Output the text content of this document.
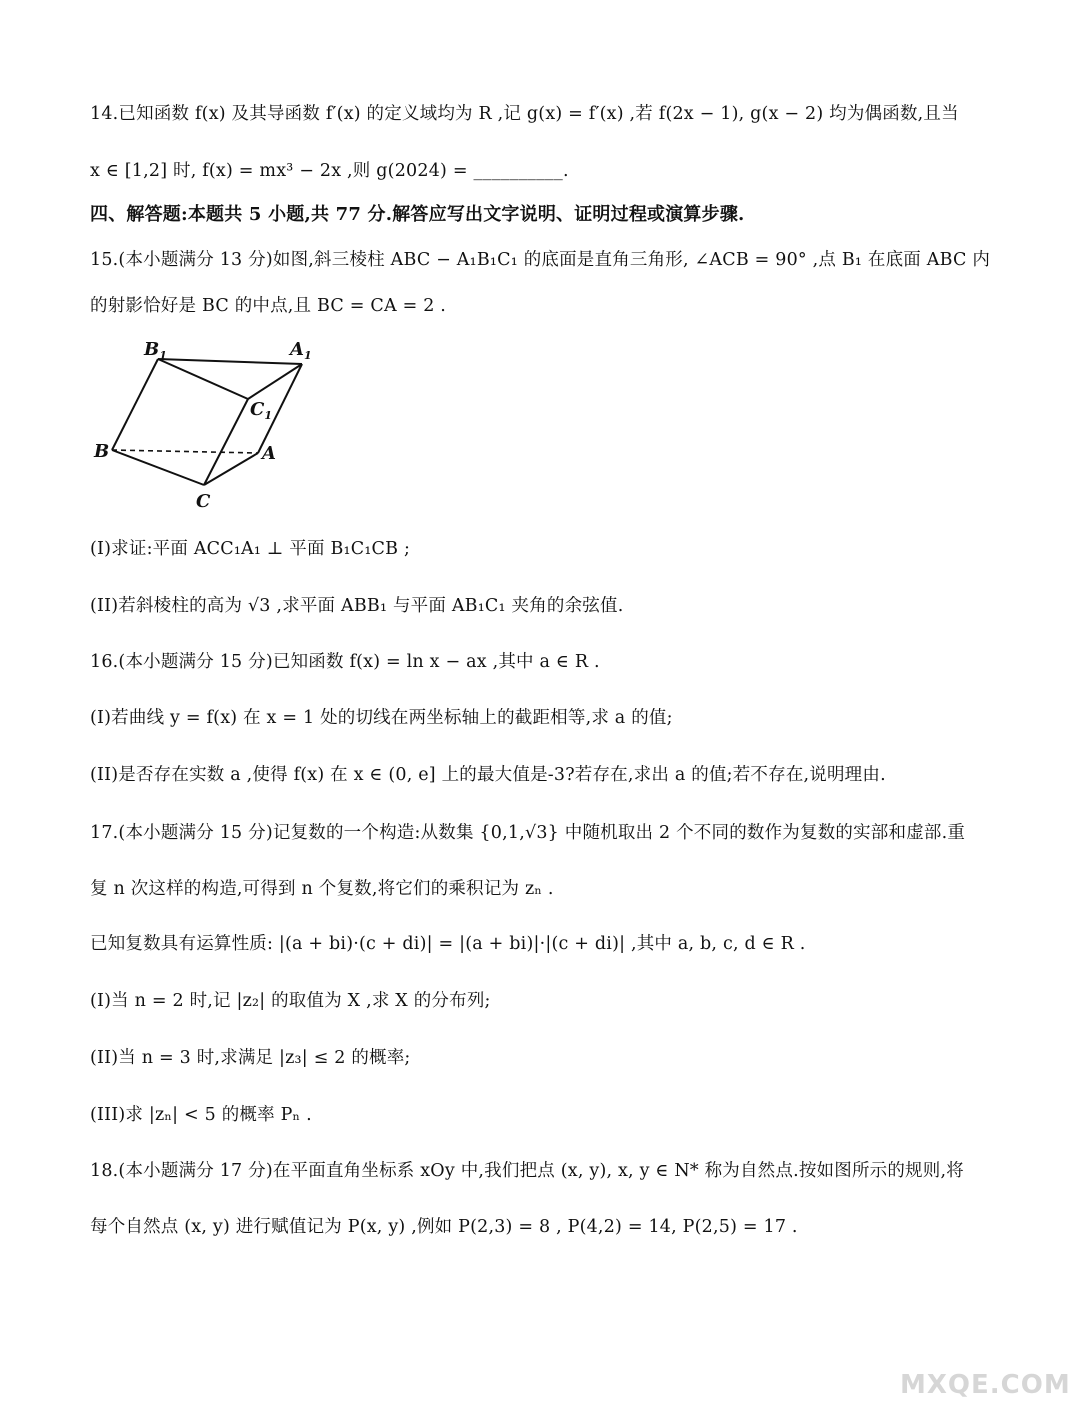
14.已知函数 f(x) 及其导函数 f′(x) 的定义域均为 R ,记 g(x) = f′(x) ,若 f(2x − 1), g(x − 2) 均为偶函数,且当
x ∈ [1,2] 时, f(x) = mx³ − 2x ,则 g(2024) = __________.
四、解答题:本题共 5 小题,共 77 分.解答应写出文字说明、证明过程或演算步骤.
15.(本小题满分 13 分)如图,斜三棱柱 ABC − A₁B₁C₁ 的底面是直角三角形, ∠ACB = 90° ,点 B₁ 在底面 ABC 内
的射影恰好是 BC 的中点,且 BC = CA = 2 .
(I)求证:平面 ACC₁A₁ ⊥ 平面 B₁C₁CB ;
(II)若斜棱柱的高为 √3 ,求平面 ABB₁ 与平面 AB₁C₁ 夹角的余弦值.
16.(本小题满分 15 分)已知函数 f(x) = ln x − ax ,其中 a ∈ R .
(I)若曲线 y = f(x) 在 x = 1 处的切线在两坐标轴上的截距相等,求 a 的值;
(II)是否存在实数 a ,使得 f(x) 在 x ∈ (0, e] 上的最大值是-3?若存在,求出 a 的值;若不存在,说明理由.
17.(本小题满分 15 分)记复数的一个构造:从数集 {0,1,√3} 中随机取出 2 个不同的数作为复数的实部和虚部.重
复 n 次这样的构造,可得到 n 个复数,将它们的乘积记为 zₙ .
已知复数具有运算性质: |(a + bi)·(c + di)| = |(a + bi)|·|(c + di)| ,其中 a, b, c, d ∈ R .
(I)当 n = 2 时,记 |z₂| 的取值为 X ,求 X 的分布列;
(II)当 n = 3 时,求满足 |z₃| ≤ 2 的概率;
(III)求 |zₙ| < 5 的概率 Pₙ .
18.(本小题满分 17 分)在平面直角坐标系 xOy 中,我们把点 (x, y), x, y ∈ N* 称为自然点.按如图所示的规则,将
每个自然点 (x, y) 进行赋值记为 P(x, y) ,例如 P(2,3) = 8 , P(4,2) = 14, P(2,5) = 17 .
$B_1$	$A_1$
$C_1$
B	A
C
MXQE.COM
